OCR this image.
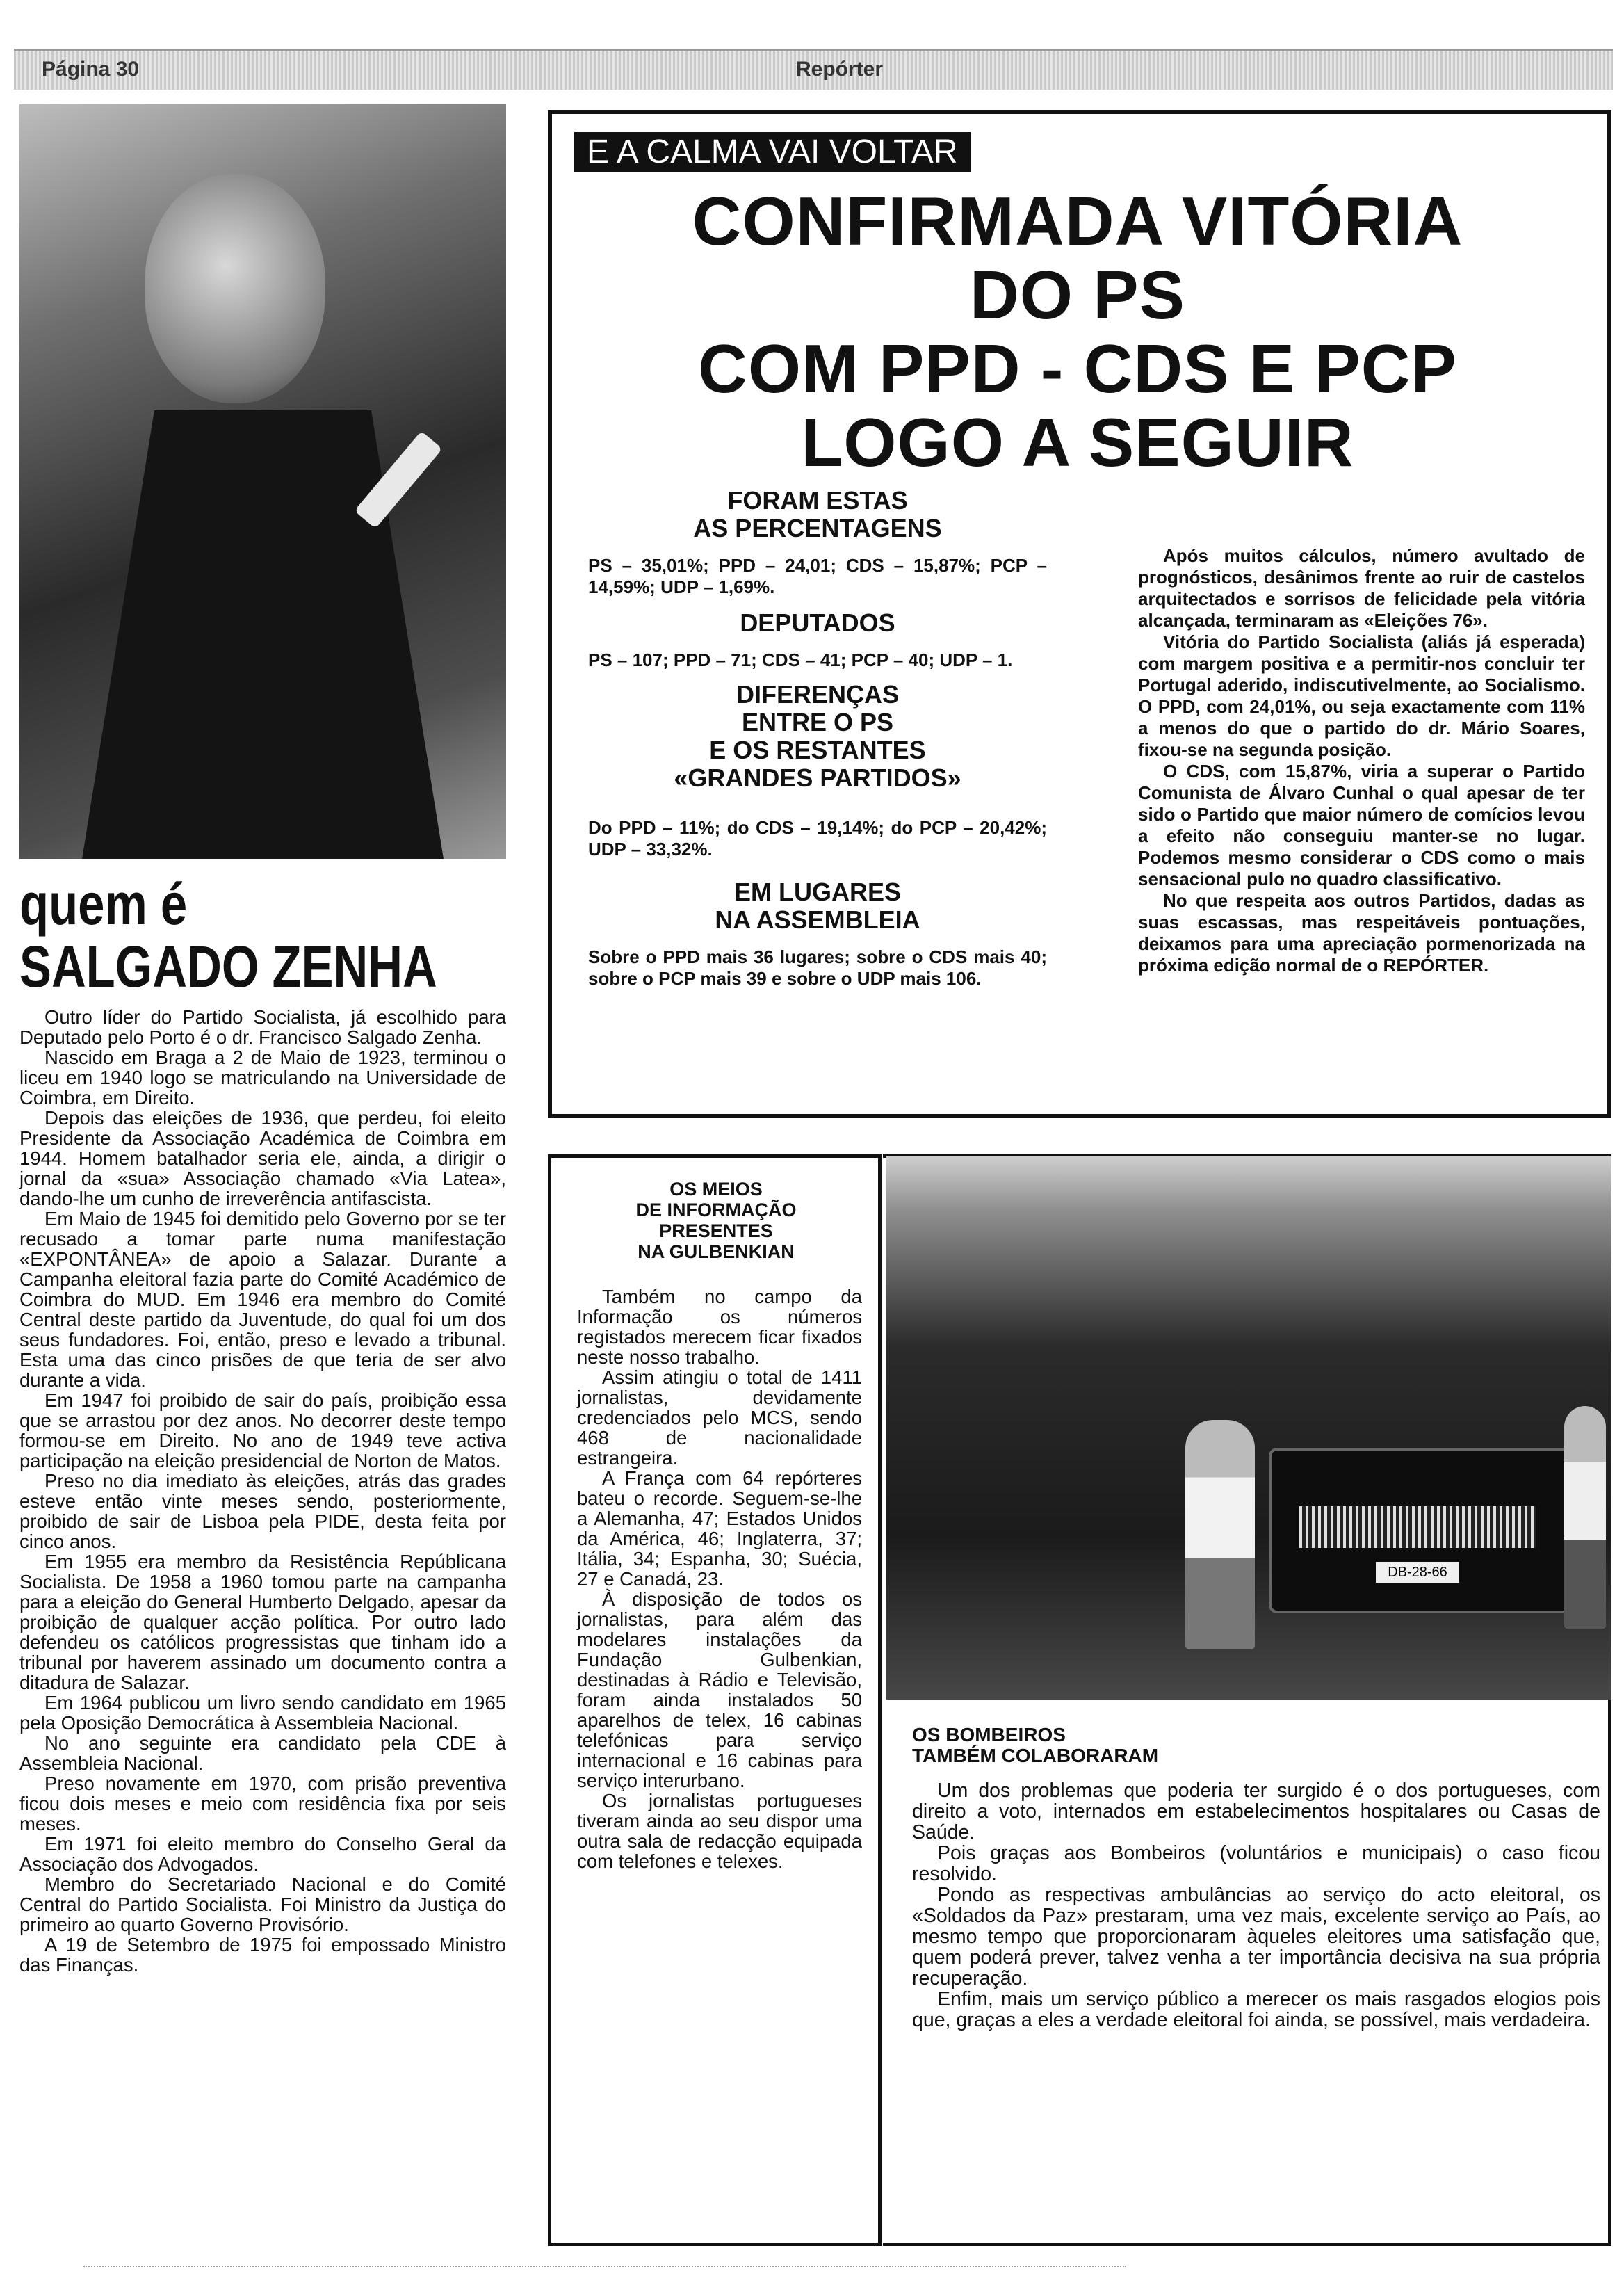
Página 30	Repórter
quem é
SALGADO ZENHA

Outro líder do Partido Socialista, já escolhido para Deputado pelo Porto é o dr. Francisco Salgado Zenha.

Nascido em Braga a 2 de Maio de 1923, terminou o liceu em 1940 logo se matriculando na Universidade de Coimbra, em Direito.

Depois das eleições de 1936, que perdeu, foi eleito Presidente da Associação Académica de Coimbra em 1944. Homem batalhador seria ele, ainda, a dirigir o jornal da «sua» Associação chamado «Via Latea», dando-lhe um cunho de irreverência antifascista.

Em Maio de 1945 foi demitido pelo Governo por se ter recusado a tomar parte numa manifestação «EXPONTÂNEA» de apoio a Salazar. Durante a Campanha eleitoral fazia parte do Comité Académico de Coimbra do MUD. Em 1946 era membro do Comité Central deste partido da Juventude, do qual foi um dos seus fundadores. Foi, então, preso e levado a tribunal. Esta uma das cinco prisões de que teria de ser alvo durante a vida.

Em 1947 foi proibido de sair do país, proibição essa que se arrastou por dez anos. No decorrer deste tempo formou-se em Direito. No ano de 1949 teve activa participação na eleição presidencial de Norton de Matos.

Preso no dia imediato às eleições, atrás das grades esteve então vinte meses sendo, posteriormente, proibido de sair de Lisboa pela PIDE, desta feita por cinco anos.

Em 1955 era membro da Resistência Repúblicana Socialista. De 1958 a 1960 tomou parte na campanha para a eleição do General Humberto Delgado, apesar da proibição de qualquer acção política. Por outro lado defendeu os católicos progressistas que tinham ido a tribunal por haverem assinado um documento contra a ditadura de Salazar.

Em 1964 publicou um livro sendo candidato em 1965 pela Oposição Democrática à Assembleia Nacional.

No ano seguinte era candidato pela CDE à Assembleia Nacional.

Preso novamente em 1970, com prisão preventiva ficou dois meses e meio com residência fixa por seis meses.

Em 1971 foi eleito membro do Conselho Geral da Associação dos Advogados.

Membro do Secretariado Nacional e do Comité Central do Partido Socialista. Foi Ministro da Justiça do primeiro ao quarto Governo Provisório.

A 19 de Setembro de 1975 foi empossado Ministro das Finanças.

E A CALMA VAI VOLTAR
CONFIRMADA VITÓRIA
DO PS
COM PPD - CDS E PCP
LOGO A SEGUIR
FORAM ESTAS
AS PERCENTAGENS

PS – 35,01%; PPD – 24,01; CDS – 15,87%; PCP – 14,59%; UDP – 1,69%.

DEPUTADOS

PS – 107; PPD – 71; CDS – 41; PCP – 40; UDP – 1.

DIFERENÇAS
ENTRE O PS
E OS RESTANTES
«GRANDES PARTIDOS»

Do PPD – 11%; do CDS – 19,14%; do PCP – 20,42%; UDP – 33,32%.

EM LUGARES
NA ASSEMBLEIA

Sobre o PPD mais 36 lugares; sobre o CDS mais 40; sobre o PCP mais 39 e sobre o UDP mais 106.

Após muitos cálculos, número avultado de prognósticos, desânimos frente ao ruir de castelos arquitectados e sorrisos de felicidade pela vitória alcançada, terminaram as «Eleições 76».

Vitória do Partido Socialista (aliás já esperada) com margem positiva e a permitir-nos concluir ter Portugal aderido, indiscutivelmente, ao Socialismo. O PPD, com 24,01%, ou seja exactamente com 11% a menos do que o partido do dr. Mário Soares, fixou-se na segunda posição.

O CDS, com 15,87%, viria a superar o Partido Comunista de Álvaro Cunhal o qual apesar de ter sido o Partido que maior número de comícios levou a efeito não conseguiu manter-se no lugar. Podemos mesmo considerar o CDS como o mais sensacional pulo no quadro classificativo.

No que respeita aos outros Partidos, dadas as suas escassas, mas respeitáveis pontuações, deixamos para uma apreciação pormenorizada na próxima edição normal de o REPÓRTER.

OS MEIOS
DE INFORMAÇÃO
PRESENTES
NA GULBENKIAN

Também no campo da Informação os números registados merecem ficar fixados neste nosso trabalho.

Assim atingiu o total de 1411 jornalistas, devidamente credenciados pelo MCS, sendo 468 de nacionalidade estrangeira.

A França com 64 repórteres bateu o recorde. Seguem-se-lhe a Alemanha, 47; Estados Unidos da América, 46; Inglaterra, 37; Itália, 34; Espanha, 30; Suécia, 27 e Canadá, 23.

À disposição de todos os jornalistas, para além das modelares instalações da Fundação Gulbenkian, destinadas à Rádio e Televisão, foram ainda instalados 50 aparelhos de telex, 16 cabinas telefónicas para serviço internacional e 16 cabinas para serviço interurbano.

Os jornalistas portugueses tiveram ainda ao seu dispor uma outra sala de redacção equipada com telefones e telexes.

DB-28-66
OS BOMBEIROS
TAMBÉM COLABORARAM

Um dos problemas que poderia ter surgido é o dos portugueses, com direito a voto, internados em estabelecimentos hospitalares ou Casas de Saúde.

Pois graças aos Bombeiros (voluntários e municipais) o caso ficou resolvido.

Pondo as respectivas ambulâncias ao serviço do acto eleitoral, os «Soldados da Paz» prestaram, uma vez mais, excelente serviço ao País, ao mesmo tempo que proporcionaram àqueles eleitores uma satisfação que, quem poderá prever, talvez venha a ter importância decisiva na sua própria recuperação.

Enfim, mais um serviço público a merecer os mais rasgados elogios pois que, graças a eles a verdade eleitoral foi ainda, se possível, mais verdadeira.
